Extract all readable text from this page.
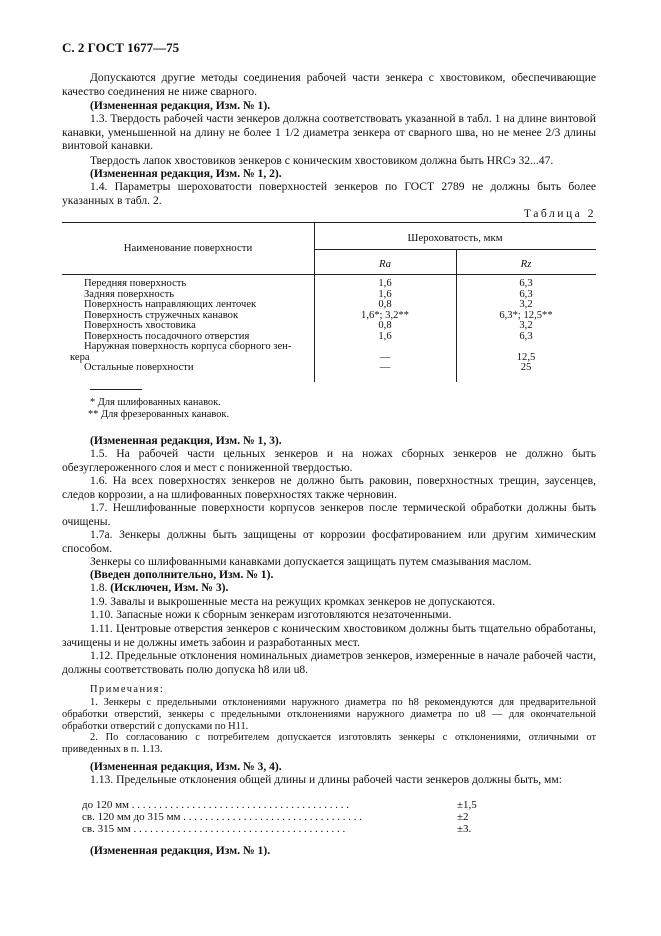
С. 2 ГОСТ 1677—75
Допускаются другие методы соединения рабочей части зенкера с хвостовиком, обеспечивающие качество соединения не ниже сварного.
(Измененная редакция, Изм. № 1).
1.3. Твердость рабочей части зенкеров должна соответствовать указанной в табл. 1 на длине винтовой канавки, уменьшенной на длину не более 1 1/2 диаметра зенкера от сварного шва, но не менее 2/3 длины винтовой канавки.
Твердость лапок хвостовиков зенкеров с коническим хвостовиком должна быть HRCэ 32...47.
(Измененная редакция, Изм. № 1, 2).
1.4. Параметры шероховатости поверхностей зенкеров по ГОСТ 2789 не должны быть более указанных в табл. 2.
Таблица 2
Наименование поверхности
Шероховатость, мкм
Ra	Rz
Передняя поверхность	1,6	6,3
Задняя поверхность	1,6	6,3
Поверхность направляющих ленточек	0,8	3,2
Поверхность стружечных канавок	1,6*; 3,2**	6,3*; 12,5**
Поверхность хвостовика	0,8	3,2
Поверхность посадочного отверстия	1,6	6,3
Наружная поверхность корпуса сборного зен-
кера	—	12,5
Остальные поверхности	—	25
* Для шлифованных канавок.
** Для фрезерованных канавок.
(Измененная редакция, Изм. № 1, 3).
1.5. На рабочей части цельных зенкеров и на ножах сборных зенкеров не должно быть обезуглероженного слоя и мест с пониженной твердостью.
1.6. На всех поверхностях зенкеров не должно быть раковин, поверхностных трещин, заусенцев, следов коррозии, а на шлифованных поверхностях также черновин.
1.7. Нешлифованные поверхности корпусов зенкеров после термической обработки должны быть очищены.
1.7а. Зенкеры должны быть защищены от коррозии фосфатированием или другим химическим способом.
Зенкеры со шлифованными канавками допускается защищать путем смазывания маслом.
(Введен дополнительно, Изм. № 1).
1.8. (Исключен, Изм. № 3).
1.9. Завалы и выкрошенные места на режущих кромках зенкеров не допускаются.
1.10. Запасные ножи к сборным зенкерам изготовляются незаточенными.
1.11. Центровые отверстия зенкеров с коническим хвостовиком должны быть тщательно обработаны, зачищены и не должны иметь забоин и разработанных мест.
1.12. Предельные отклонения номинальных диаметров зенкеров, измеренные в начале рабочей части, должны соответствовать полю допуска h8 или u8.
Примечания:
1. Зенкеры с предельными отклонениями наружного диаметра по h8 рекомендуются для предварительной обработки отверстий, зенкеры с предельными отклонениями наружного диаметра по u8 — для окончательной обработки отверстий с допусками по Н11.
2. По согласованию с потребителем допускается изготовлять зенкеры с отклонениями, отличными от приведенных в п. 1.13.
(Измененная редакция, Изм. № 3, 4).
1.13. Предельные отклонения общей длины и длины рабочей части зенкеров должны быть, мм:
до 120 мм . . . . . . . . . . . . . . . . . . . . . . . . . . . . . . . . . . . . . . . .	±1,5
св. 120 мм до 315 мм . . . . . . . . . . . . . . . . . . . . . . . . . . . . . . . . .	±2
св. 315 мм . . . . . . . . . . . . . . . . . . . . . . . . . . . . . . . . . . . . . . .	±3.
(Измененная редакция, Изм. № 1).
